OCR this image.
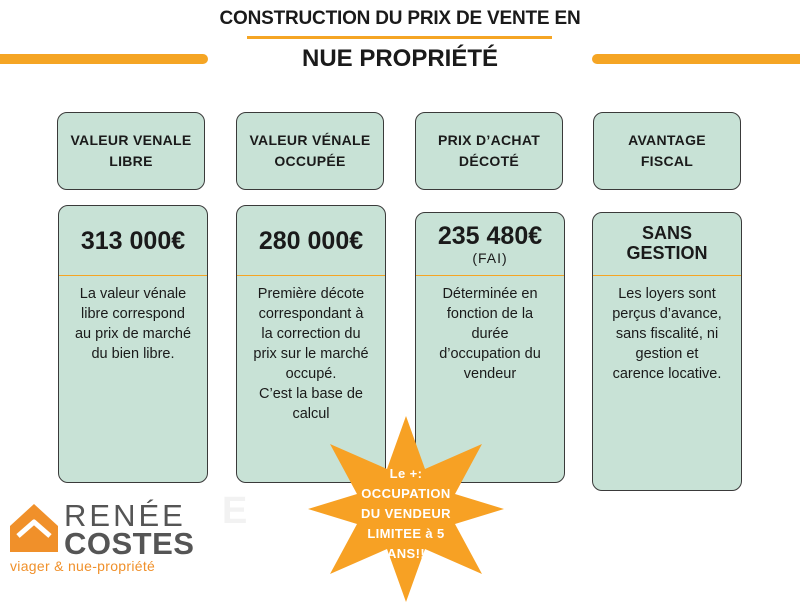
CONSTRUCTION DU PRIX DE VENTE EN
NUE PROPRIÉTÉ
VALEUR VENALE
LIBRE
VALEUR VÉNALE
OCCUPÉE
PRIX D’ACHAT
DÉCOTÉ
AVANTAGE
FISCAL
313 000€
La valeur vénale
libre correspond
au prix de marché
du bien libre.
280 000€
Première décote
correspondant à
la correction du
prix sur le marché
occupé.
C’est la base de
calcul
235 480€
(FAI)
Déterminée en
fonction de la
durée
d’occupation du
vendeur
SANS
GESTION
Les loyers sont
perçus d’avance,
sans fiscalité, ni
gestion et
carence locative.
E
Le +:
OCCUPATION
DU VENDEUR
LIMITEE à 5
ANS!!
RENÉE
COSTES
viager & nue-propriété
